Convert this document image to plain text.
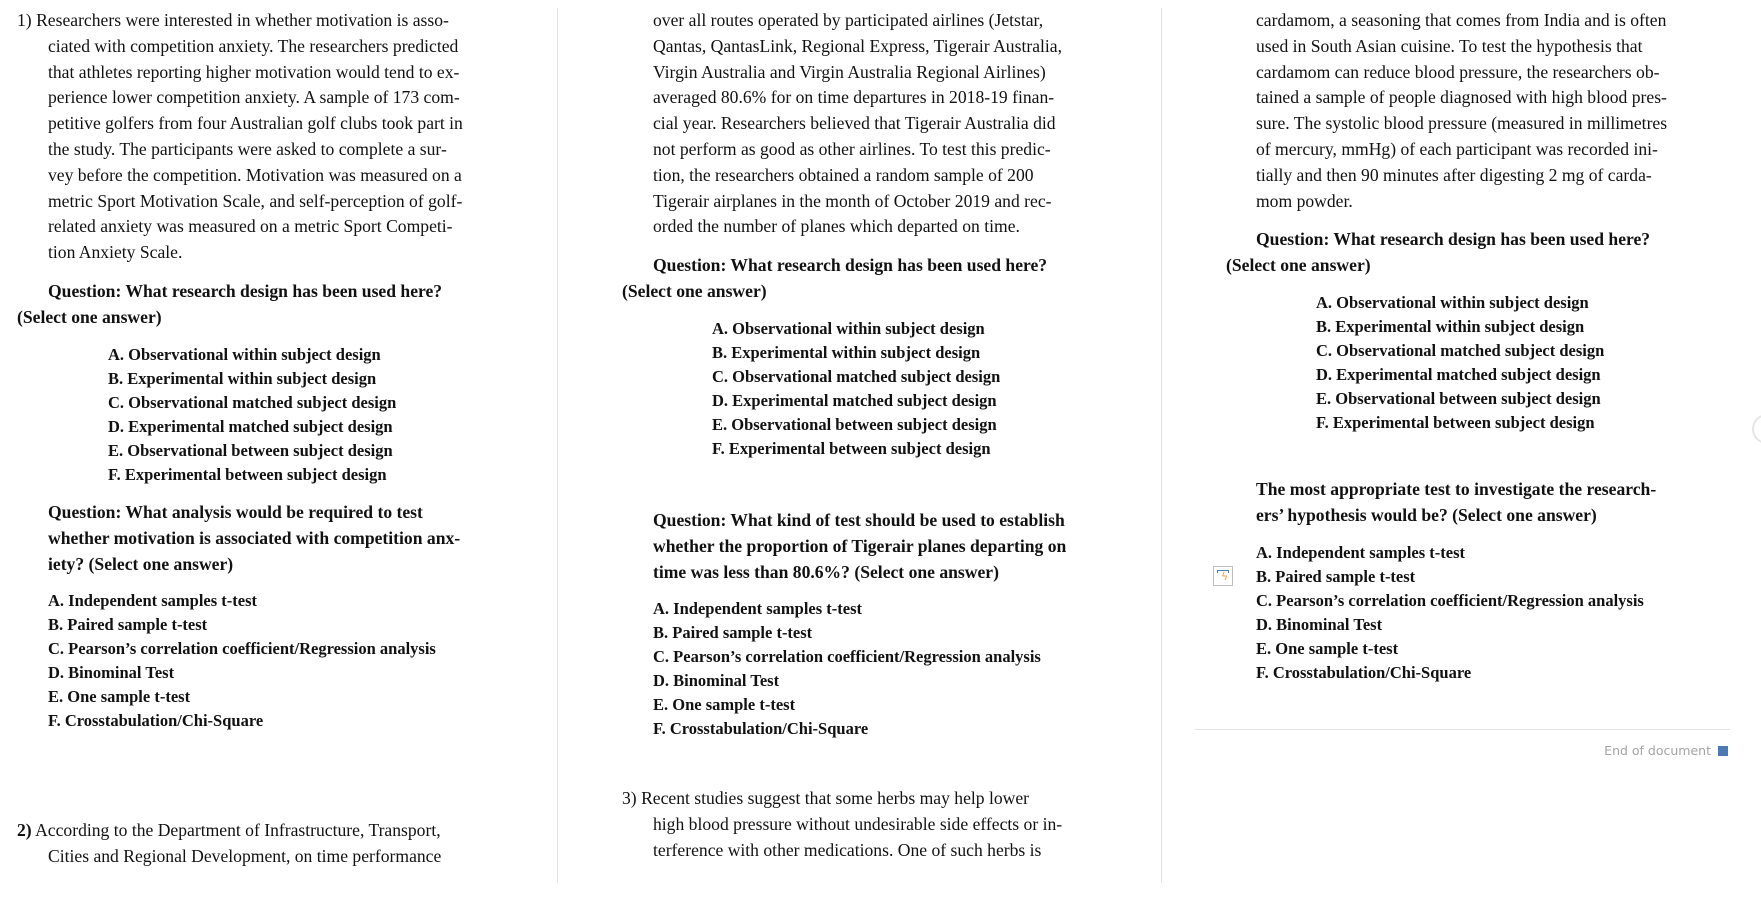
1) Researchers were interested in whether motivation is asso-
ciated with competition anxiety. The researchers predicted
that athletes reporting higher motivation would tend to ex-
perience lower competition anxiety. A sample of 173 com-
petitive golfers from four Australian golf clubs took part in
the study. The participants were asked to complete a sur-
vey before the competition. Motivation was measured on a
metric Sport Motivation Scale, and self-perception of golf-
related anxiety was measured on a metric Sport Competi-
tion Anxiety Scale.
Question: What research design has been used here?
(Select one answer)
A. Observational within subject design
B. Experimental within subject design
C. Observational matched subject design
D. Experimental matched subject design
E. Observational between subject design
F. Experimental between subject design
Question: What analysis would be required to test
whether motivation is associated with competition anx-
iety? (Select one answer)
A. Independent samples t-test
B. Paired sample t-test
C. Pearson’s correlation coefficient/Regression analysis
D. Binominal Test
E. One sample t-test
F. Crosstabulation/Chi-Square
2) According to the Department of Infrastructure, Transport,
Cities and Regional Development, on time performance
over all routes operated by participated airlines (Jetstar,
Qantas, QantasLink, Regional Express, Tigerair Australia,
Virgin Australia and Virgin Australia Regional Airlines)
averaged 80.6% for on time departures in 2018-19 finan-
cial year. Researchers believed that Tigerair Australia did
not perform as good as other airlines. To test this predic-
tion, the researchers obtained a random sample of 200
Tigerair airplanes in the month of October 2019 and rec-
orded the number of planes which departed on time.
Question: What research design has been used here?
(Select one answer)
A. Observational within subject design
B. Experimental within subject design
C. Observational matched subject design
D. Experimental matched subject design
E. Observational between subject design
F. Experimental between subject design
Question: What kind of test should be used to establish
whether the proportion of Tigerair planes departing on
time was less than 80.6%? (Select one answer)
A. Independent samples t-test
B. Paired sample t-test
C. Pearson’s correlation coefficient/Regression analysis
D. Binominal Test
E. One sample t-test
F. Crosstabulation/Chi-Square
3) Recent studies suggest that some herbs may help lower
high blood pressure without undesirable side effects or in-
terference with other medications. One of such herbs is
cardamom, a seasoning that comes from India and is often
used in South Asian cuisine. To test the hypothesis that
cardamom can reduce blood pressure, the researchers ob-
tained a sample of people diagnosed with high blood pres-
sure. The systolic blood pressure (measured in millimetres
of mercury, mmHg) of each participant was recorded ini-
tially and then 90 minutes after digesting 2 mg of carda-
mom powder.
Question: What research design has been used here?
(Select one answer)
A. Observational within subject design
B. Experimental within subject design
C. Observational matched subject design
D. Experimental matched subject design
E. Observational between subject design
F. Experimental between subject design
The most appropriate test to investigate the research-
ers’ hypothesis would be? (Select one answer)
A. Independent samples t-test
B. Paired sample t-test
C. Pearson’s correlation coefficient/Regression analysis
D. Binominal Test
E. One sample t-test
F. Crosstabulation/Chi-Square
ϟ
End of document
